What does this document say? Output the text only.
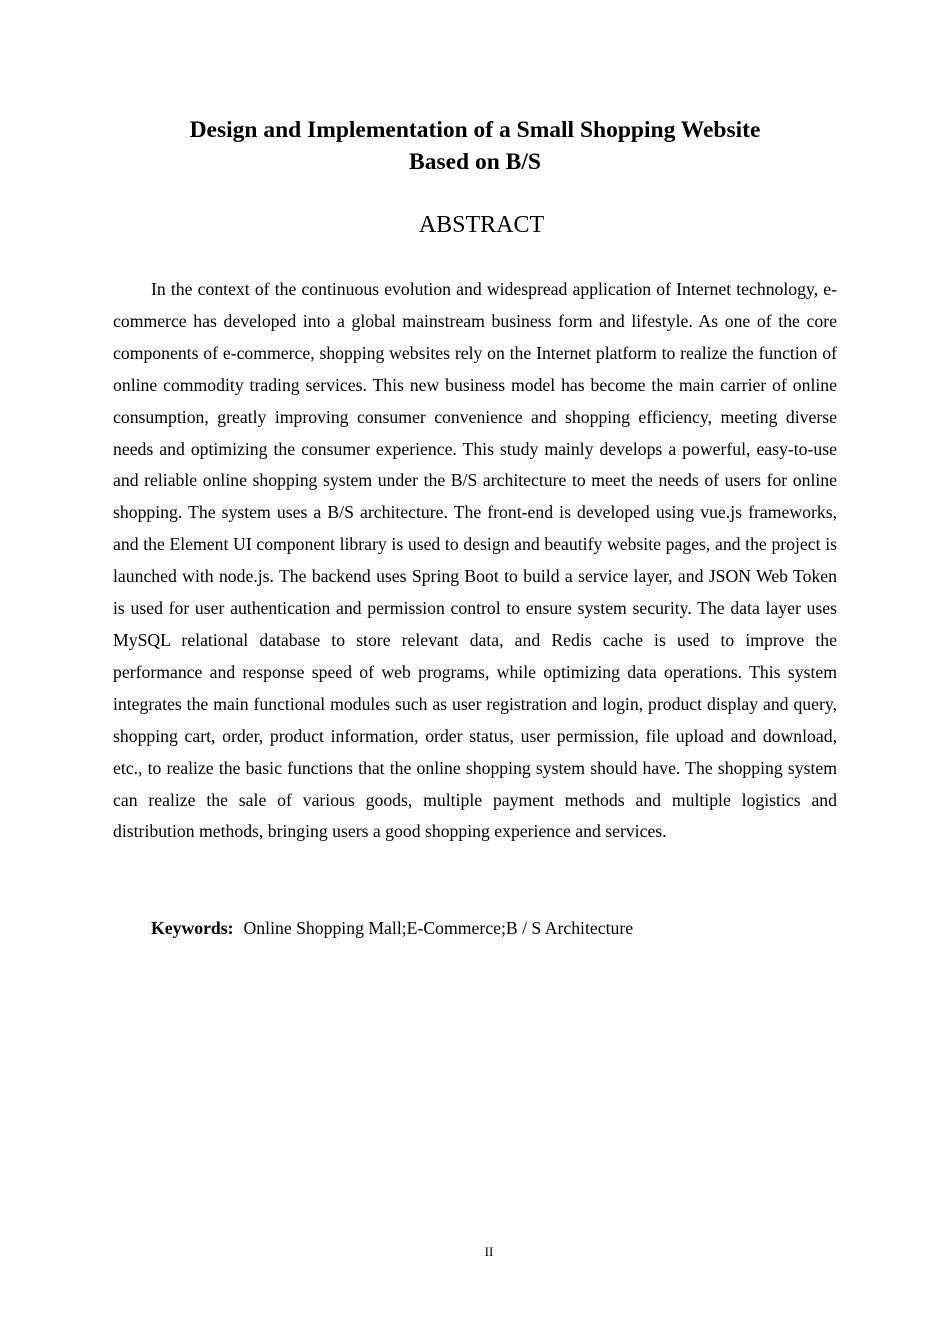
Design and Implementation of a Small Shopping Website
Based on B/S
ABSTRACT

In the context of the continuous evolution and widespread application of Internet technology, e-commerce has developed into a global mainstream business form and lifestyle. As one of the core components of e-commerce, shopping websites rely on the Internet platform to realize the function of online commodity trading services. This new business model has become the main carrier of online consumption, greatly improving consumer convenience and shopping efficiency, meeting diverse needs and optimizing the consumer experience. This study mainly develops a powerful, easy-to-use and reliable online shopping system under the B/S architecture to meet the needs of users for online shopping. The system uses a B/S architecture. The front-end is developed using vue.js frameworks, and the Element UI component library is used to design and beautify website pages, and the project is launched with node.js. The backend uses Spring Boot to build a service layer, and JSON Web Token is used for user authentication and permission control to ensure system security. The data layer uses MySQL relational database to store relevant data, and Redis cache is used to improve the performance and response speed of web programs, while optimizing data operations. This system integrates the main functional modules such as user registration and login, product display and query, shopping cart, order, product information, order status, user permission, file upload and download, etc., to realize the basic functions that the online shopping system should have. The shopping system can realize the sale of various goods, multiple payment methods and multiple logistics and distribution methods, bringing users a good shopping experience and services.

Keywords: Online Shopping Mall;E-Commerce;B / S Architecture

II
